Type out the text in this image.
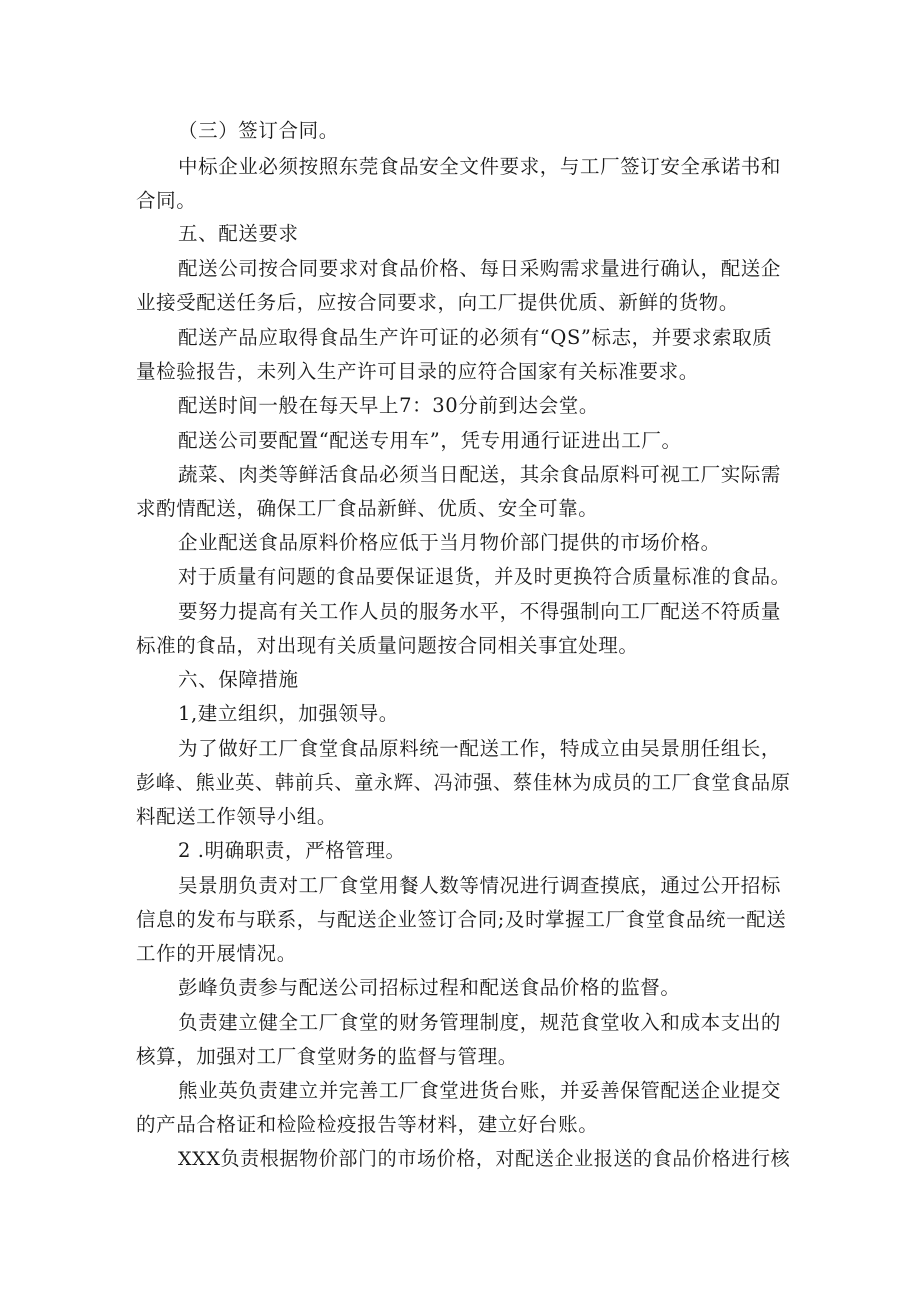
（三）签订合同。
中标企业必须按照东莞食品安全文件要求，与工厂签订安全承诺书和
合同。
五、配送要求
配送公司按合同要求对食品价格、每日采购需求量进行确认，配送企
业接受配送任务后，应按合同要求，向工厂提供优质、新鲜的货物。
配送产品应取得食品生产许可证的必须有“QS”标志，并要求索取质
量检验报告，未列入生产许可目录的应符合国家有关标准要求。
配送时间一般在每天早上7：30分前到达会堂。
配送公司要配置“配送专用车”，凭专用通行证进出工厂。
蔬菜、肉类等鲜活食品必须当日配送，其余食品原料可视工厂实际需
求酌情配送，确保工厂食品新鲜、优质、安全可靠。
企业配送食品原料价格应低于当月物价部门提供的市场价格。
对于质量有问题的食品要保证退货，并及时更换符合质量标准的食品。
要努力提高有关工作人员的服务水平，不得强制向工厂配送不符质量
标准的食品，对出现有关质量问题按合同相关事宜处理。
六、保障措施
1,建立组织，加强领导。
为了做好工厂食堂食品原料统一配送工作，特成立由吴景朋任组长，
彭峰、熊业英、韩前兵、童永辉、冯沛强、蔡佳林为成员的工厂食堂食品原
料配送工作领导小组。
2 .明确职责，严格管理。
吴景朋负责对工厂食堂用餐人数等情况进行调查摸底，通过公开招标
信息的发布与联系，与配送企业签订合同;及时掌握工厂食堂食品统一配送
工作的开展情况。
彭峰负责参与配送公司招标过程和配送食品价格的监督。
负责建立健全工厂食堂的财务管理制度，规范食堂收入和成本支出的
核算，加强对工厂食堂财务的监督与管理。
熊业英负责建立并完善工厂食堂进货台账，并妥善保管配送企业提交
的产品合格证和检险检疫报告等材料，建立好台账。
XXX负责根据物价部门的市场价格，对配送企业报送的食品价格进行核
